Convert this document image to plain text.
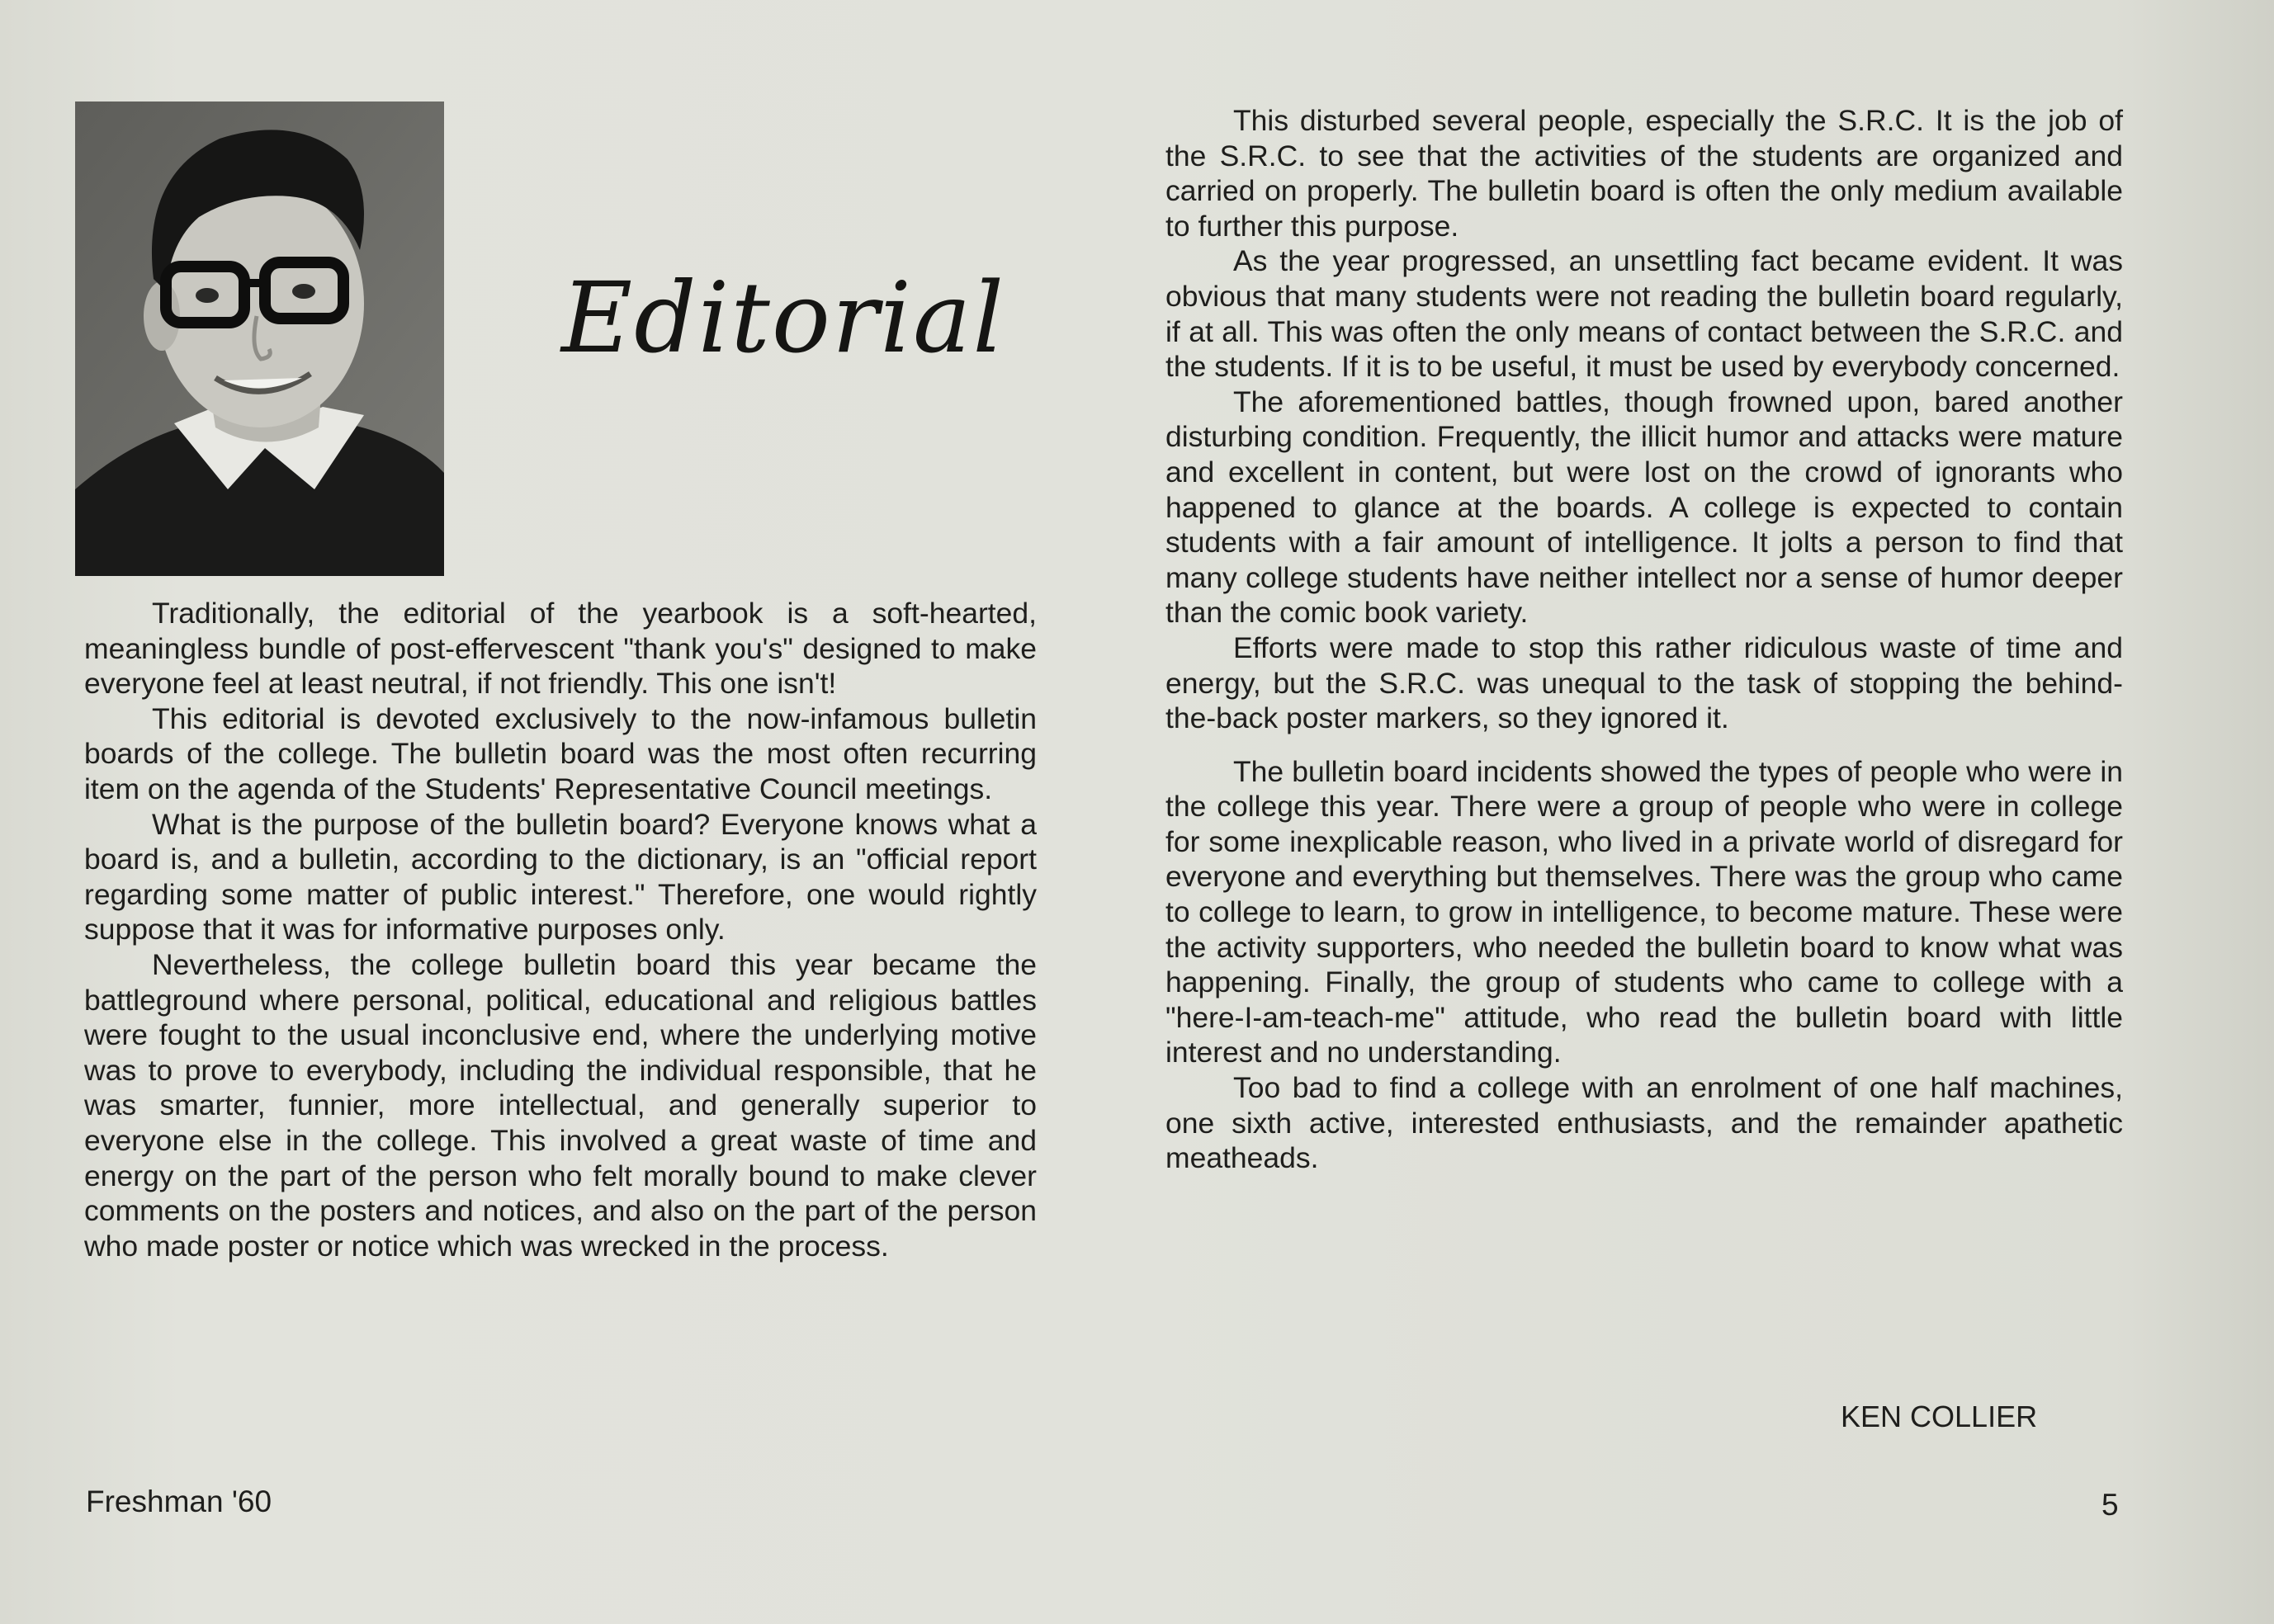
Editorial

Traditionally, the editorial of the yearbook is a soft-hearted, meaningless bundle of post-effervescent "thank you's" designed to make everyone feel at least neutral, if not friendly. This one isn't!

This editorial is devoted exclusively to the now-infamous bulletin boards of the college. The bulletin board was the most often recurring item on the agenda of the Students' Representative Council meetings.

What is the purpose of the bulletin board? Everyone knows what a board is, and a bulletin, according to the dictionary, is an "official report regarding some matter of public interest." Therefore, one would rightly suppose that it was for informative purposes only.

Nevertheless, the college bulletin board this year became the battleground where personal, political, educational and religious battles were fought to the usual inconclusive end, where the underlying motive was to prove to everybody, including the individual responsible, that he was smarter, funnier, more intellectual, and generally superior to everyone else in the college. This involved a great waste of time and energy on the part of the person who felt morally bound to make clever comments on the posters and notices, and also on the part of the person who made poster or notice which was wrecked in the process.

This disturbed several people, especially the S.R.C. It is the job of the S.R.C. to see that the activities of the students are organized and carried on properly. The bulletin board is often the only medium available to further this purpose.

As the year progressed, an unsettling fact became evident. It was obvious that many students were not reading the bulletin board regularly, if at all. This was often the only means of contact between the S.R.C. and the students. If it is to be useful, it must be used by everybody concerned.

The aforementioned battles, though frowned upon, bared another disturbing condition. Frequently, the illicit humor and attacks were mature and excellent in content, but were lost on the crowd of ignorants who happened to glance at the boards. A college is expected to contain students with a fair amount of intelligence. It jolts a person to find that many college students have neither intellect nor a sense of humor deeper than the comic book variety.

Efforts were made to stop this rather ridiculous waste of time and energy, but the S.R.C. was unequal to the task of stopping the behind-the-back poster markers, so they ignored it.

The bulletin board incidents showed the types of people who were in the college this year. There were a group of people who were in college for some inexplicable reason, who lived in a private world of disregard for everyone and everything but themselves. There was the group who came to college to learn, to grow in intelligence, to become mature. These were the activity supporters, who needed the bulletin board to know what was happening. Finally, the group of students who came to college with a "here-I-am-teach-me" attitude, who read the bulletin board with little interest and no understanding.

Too bad to find a college with an enrolment of one half machines, one sixth active, interested enthusiasts, and the remainder apathetic meatheads.

KEN COLLIER
Freshman '60	5
